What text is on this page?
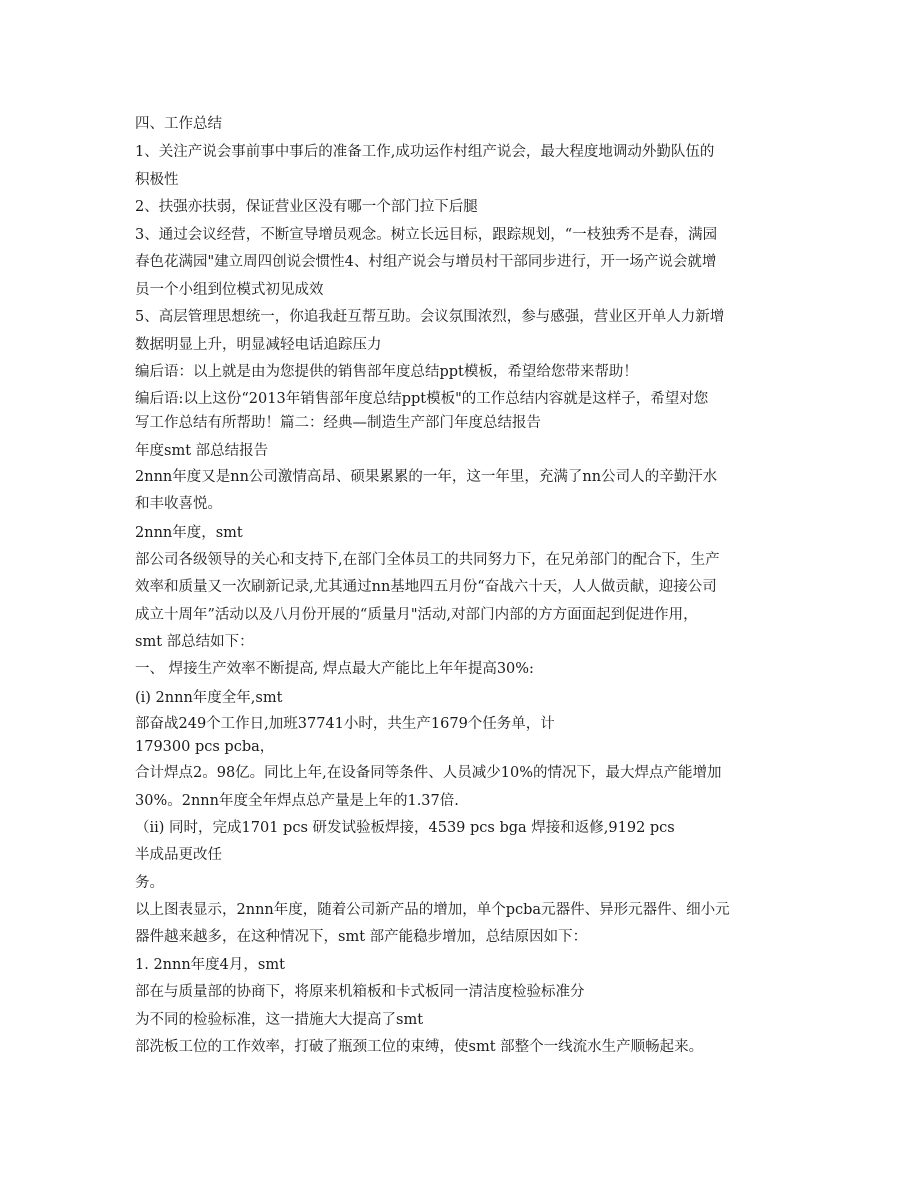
四、工作总结
1、关注产说会事前事中事后的准备工作,成功运作村组产说会，最大程度地调动外勤队伍的
积极性
2、扶强亦扶弱，保证营业区没有哪一个部门拉下后腿
3、通过会议经营，不断宣导增员观念。树立长远目标，跟踪规划，“一枝独秀不是春，满园
春色花满园"建立周四创说会惯性4、村组产说会与增员村干部同步进行，开一场产说会就增
员一个小组到位模式初见成效
5、高层管理思想统一，你追我赶互帮互助。会议氛围浓烈，参与感强，营业区开单人力新增
数据明显上升，明显减轻电话追踪压力
编后语：以上就是由为您提供的销售部年度总结ppt模板，希望给您带来帮助！
编后语:以上这份“2013年销售部年度总结ppt模板"的工作总结内容就是这样子，希望对您
写工作总结有所帮助！篇二：经典—制造生产部门年度总结报告
年度smt 部总结报告
2nnn年度又是nn公司激情高昂、硕果累累的一年，这一年里，充满了nn公司人的辛勤汗水
和丰收喜悦。
2nnn年度，smt
部公司各级领导的关心和支持下,在部门全体员工的共同努力下，在兄弟部门的配合下，生产
效率和质量又一次刷新记录,尤其通过nn基地四五月份“奋战六十天，人人做贡献，迎接公司
成立十周年”活动以及八月份开展的“质量月"活动,对部门内部的方方面面起到促进作用，
smt 部总结如下：
一、 焊接生产效率不断提高, 焊点最大产能比上年年提高30%:
(i) 2nnn年度全年,smt
部奋战249个工作日,加班37741小时，共生产1679个任务单，计
179300 pcs pcba，
合计焊点2。98亿。同比上年,在设备同等条件、人员减少10%的情况下，最大焊点产能增加
30%。2nnn年度全年焊点总产量是上年的1.37倍.
（ii) 同时，完成1701 pcs 研发试验板焊接，4539 pcs bga 焊接和返修,9192 pcs
半成品更改任
务。
以上图表显示，2nnn年度，随着公司新产品的增加，单个pcba元器件、异形元器件、细小元
器件越来越多，在这种情况下，smt 部产能稳步增加，总结原因如下：
1. 2nnn年度4月，smt
部在与质量部的协商下，将原来机箱板和卡式板同一清洁度检验标准分
为不同的检验标准，这一措施大大提高了smt
部洗板工位的工作效率，打破了瓶颈工位的束缚，使smt 部整个一线流水生产顺畅起来。
